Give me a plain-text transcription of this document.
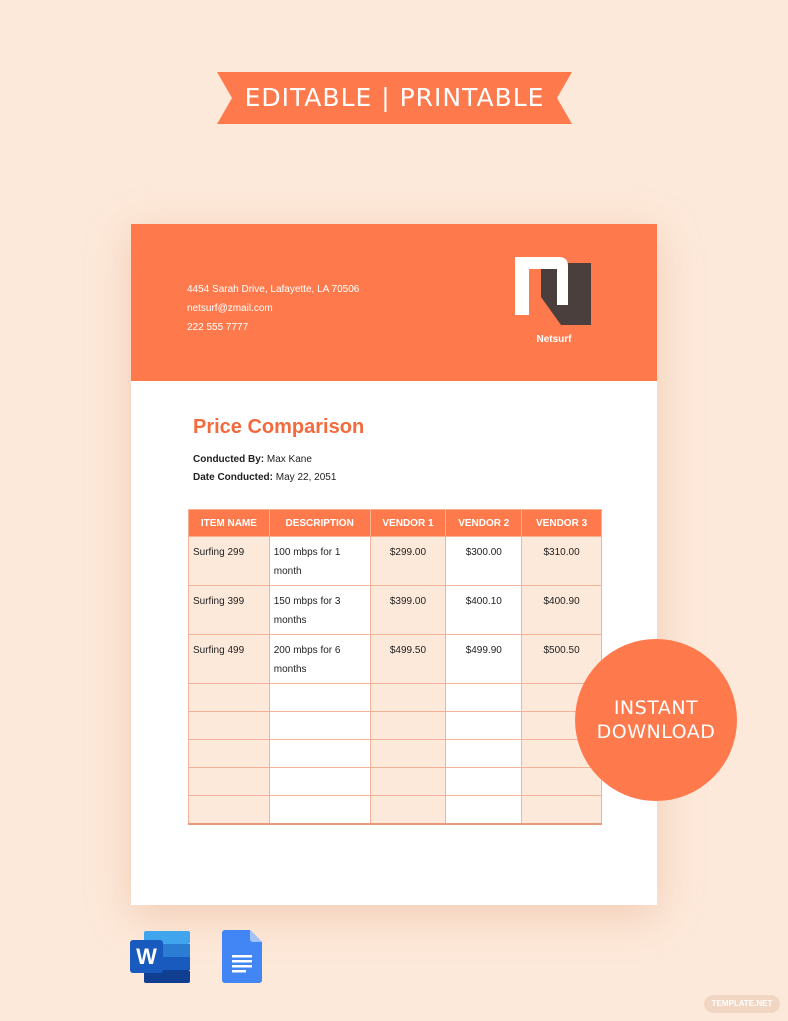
EDITABLE | PRINTABLE
4454 Sarah Drive, Lafayette, LA 70506
netsurf@zmail.com
222 555 7777
Netsurf
Price Comparison
Conducted By: Max Kane
Date Conducted: May 22, 2051
ITEM NAME	DESCRIPTION	VENDOR 1	VENDOR 2	VENDOR 3
Surfing 299	100 mbps for 1 month	$299.00	$300.00	$310.00
Surfing 399	150 mbps for 3 months	$399.00	$400.10	$400.90
Surfing 499	200 mbps for 6 months	$499.50	$499.90	$500.50

INSTANT
DOWNLOAD
W
TEMPLATE.NET
